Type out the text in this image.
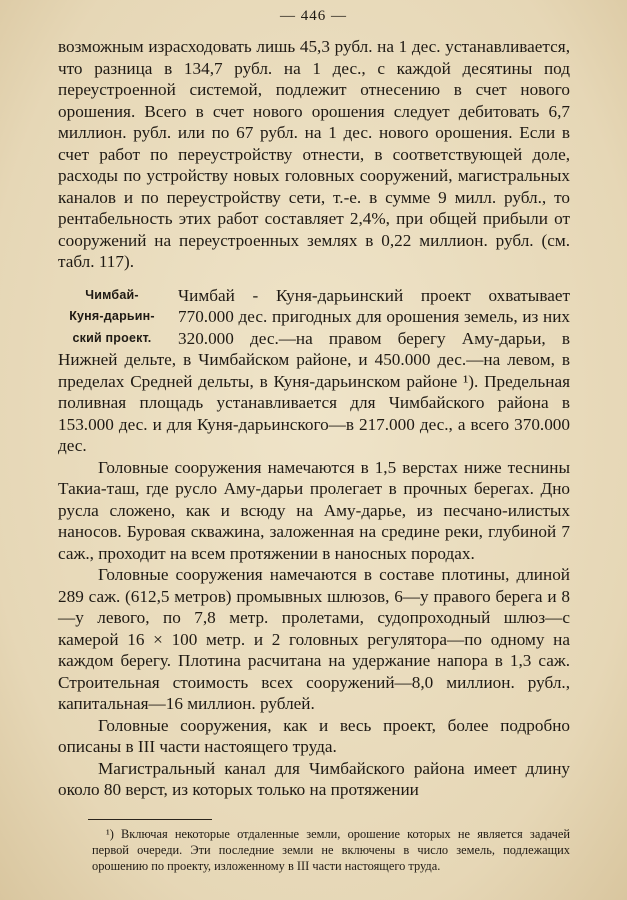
— 446 —

возможным израсходовать лишь 45,3 рубл. на 1 дес. устанавливается, что разница в 134,7 рубл. на 1 дес., с каждой десятины под переустроенной системой, подлежит отнесению в счет нового орошения. Всего в счет нового орошения следует дебитовать 6,7 миллион. рубл. или по 67 рубл. на 1 дес. нового орошения. Если в счет работ по переустройству отнести, в соответствующей доле, расходы по устройству новых головных сооружений, магистральных каналов и по переустройству сети, т.-е. в сумме 9 милл. рубл., то рентабельность этих работ составляет 2,4%, при общей прибыли от сооружений на переустроенных землях в 0,22 миллион. рубл. (см. табл. 117).

Чимбай-
Куня-дарьин-
ский проект.

Чимбай - Куня-дарьинский проект охватывает 770.000 дес. пригодных для орошения земель, из них 320.000 дес.—на правом берегу Аму-дарьи, в Нижней дельте, в Чимбайском районе, и 450.000 дес.—на левом, в пределах Средней дельты, в Куня-дарьинском районе ¹). Предельная поливная площадь устанавливается для Чимбайского района в 153.000 дес. и для Куня-дарьинского—в 217.000 дес., а всего 370.000 дес.

Головные сооружения намечаются в 1,5 верстах ниже теснины Такиа-таш, где русло Аму-дарьи пролегает в прочных берегах. Дно русла сложено, как и всюду на Аму-дарье, из песчано-илистых наносов. Буровая скважина, заложенная на средине реки, глубиной 7 саж., проходит на всем протяжении в наносных породах.

Головные сооружения намечаются в составе плотины, длиной 289 саж. (612,5 метров) промывных шлюзов, 6—у правого берега и 8—у левого, по 7,8 метр. пролетами, судопроходный шлюз—с камерой 16 × 100 метр. и 2 головных регулятора—по одному на каждом берегу. Плотина расчитана на удержание напора в 1,3 саж. Строительная стоимость всех сооружений—8,0 миллион. рубл., капитальная—16 миллион. рублей.

Головные сооружения, как и весь проект, более подробно описаны в III части настоящего труда.

Магистральный канал для Чимбайского района имеет длину около 80 верст, из которых только на протяжении

¹) Включая некоторые отдаленные земли, орошение которых не является задачей первой очереди. Эти последние земли не включены в число земель, подлежащих орошению по проекту, изложенному в III части настоящего труда.
